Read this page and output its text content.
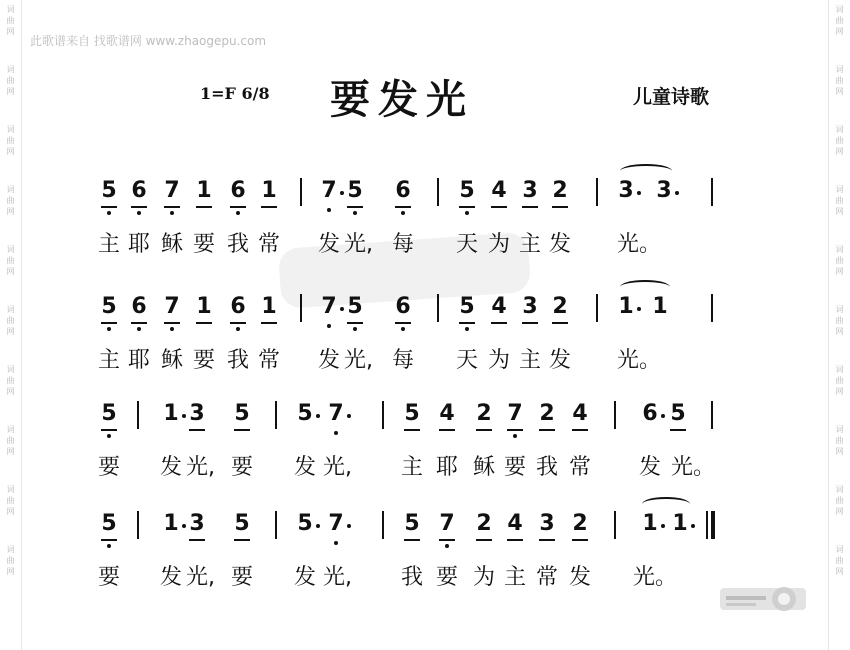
词
曲
网
词
曲
网
词
曲
网
词
曲
网
词
曲
网
词
曲
网
词
曲
网
词
曲
网
词
曲
网
词
曲
网
词
曲
网
词
曲
网
词
曲
网
词
曲
网
词
曲
网
词
曲
网
词
曲
网
词
曲
网
词
曲
网
词
曲
网
此歌谱来自 找歌谱网 www.zhaogepu.com
1=F 6/8 要发光	儿童诗歌
5 6 7 1 6 1 7 5 6 5 4 3 2 3 3
主 耶 稣 要 我 常 发 光, 每 天 为 主 发 光。
5 6 7 1 6 1 7 5 6 5 4 3 2 1 1
主 耶 稣 要 我 常 发 光, 每 天 为 主 发 光。
5 1 3 5 5 7	5 4 2 7 2 4 6 5
要 发 光, 要 发 光, 主 耶 稣 要 我 常 发 光。
5 1 3 5 5 7	5 7 2 4 3 2 1 1
要 发 光, 要 发 光, 我 要 为 主 常 发 光。
